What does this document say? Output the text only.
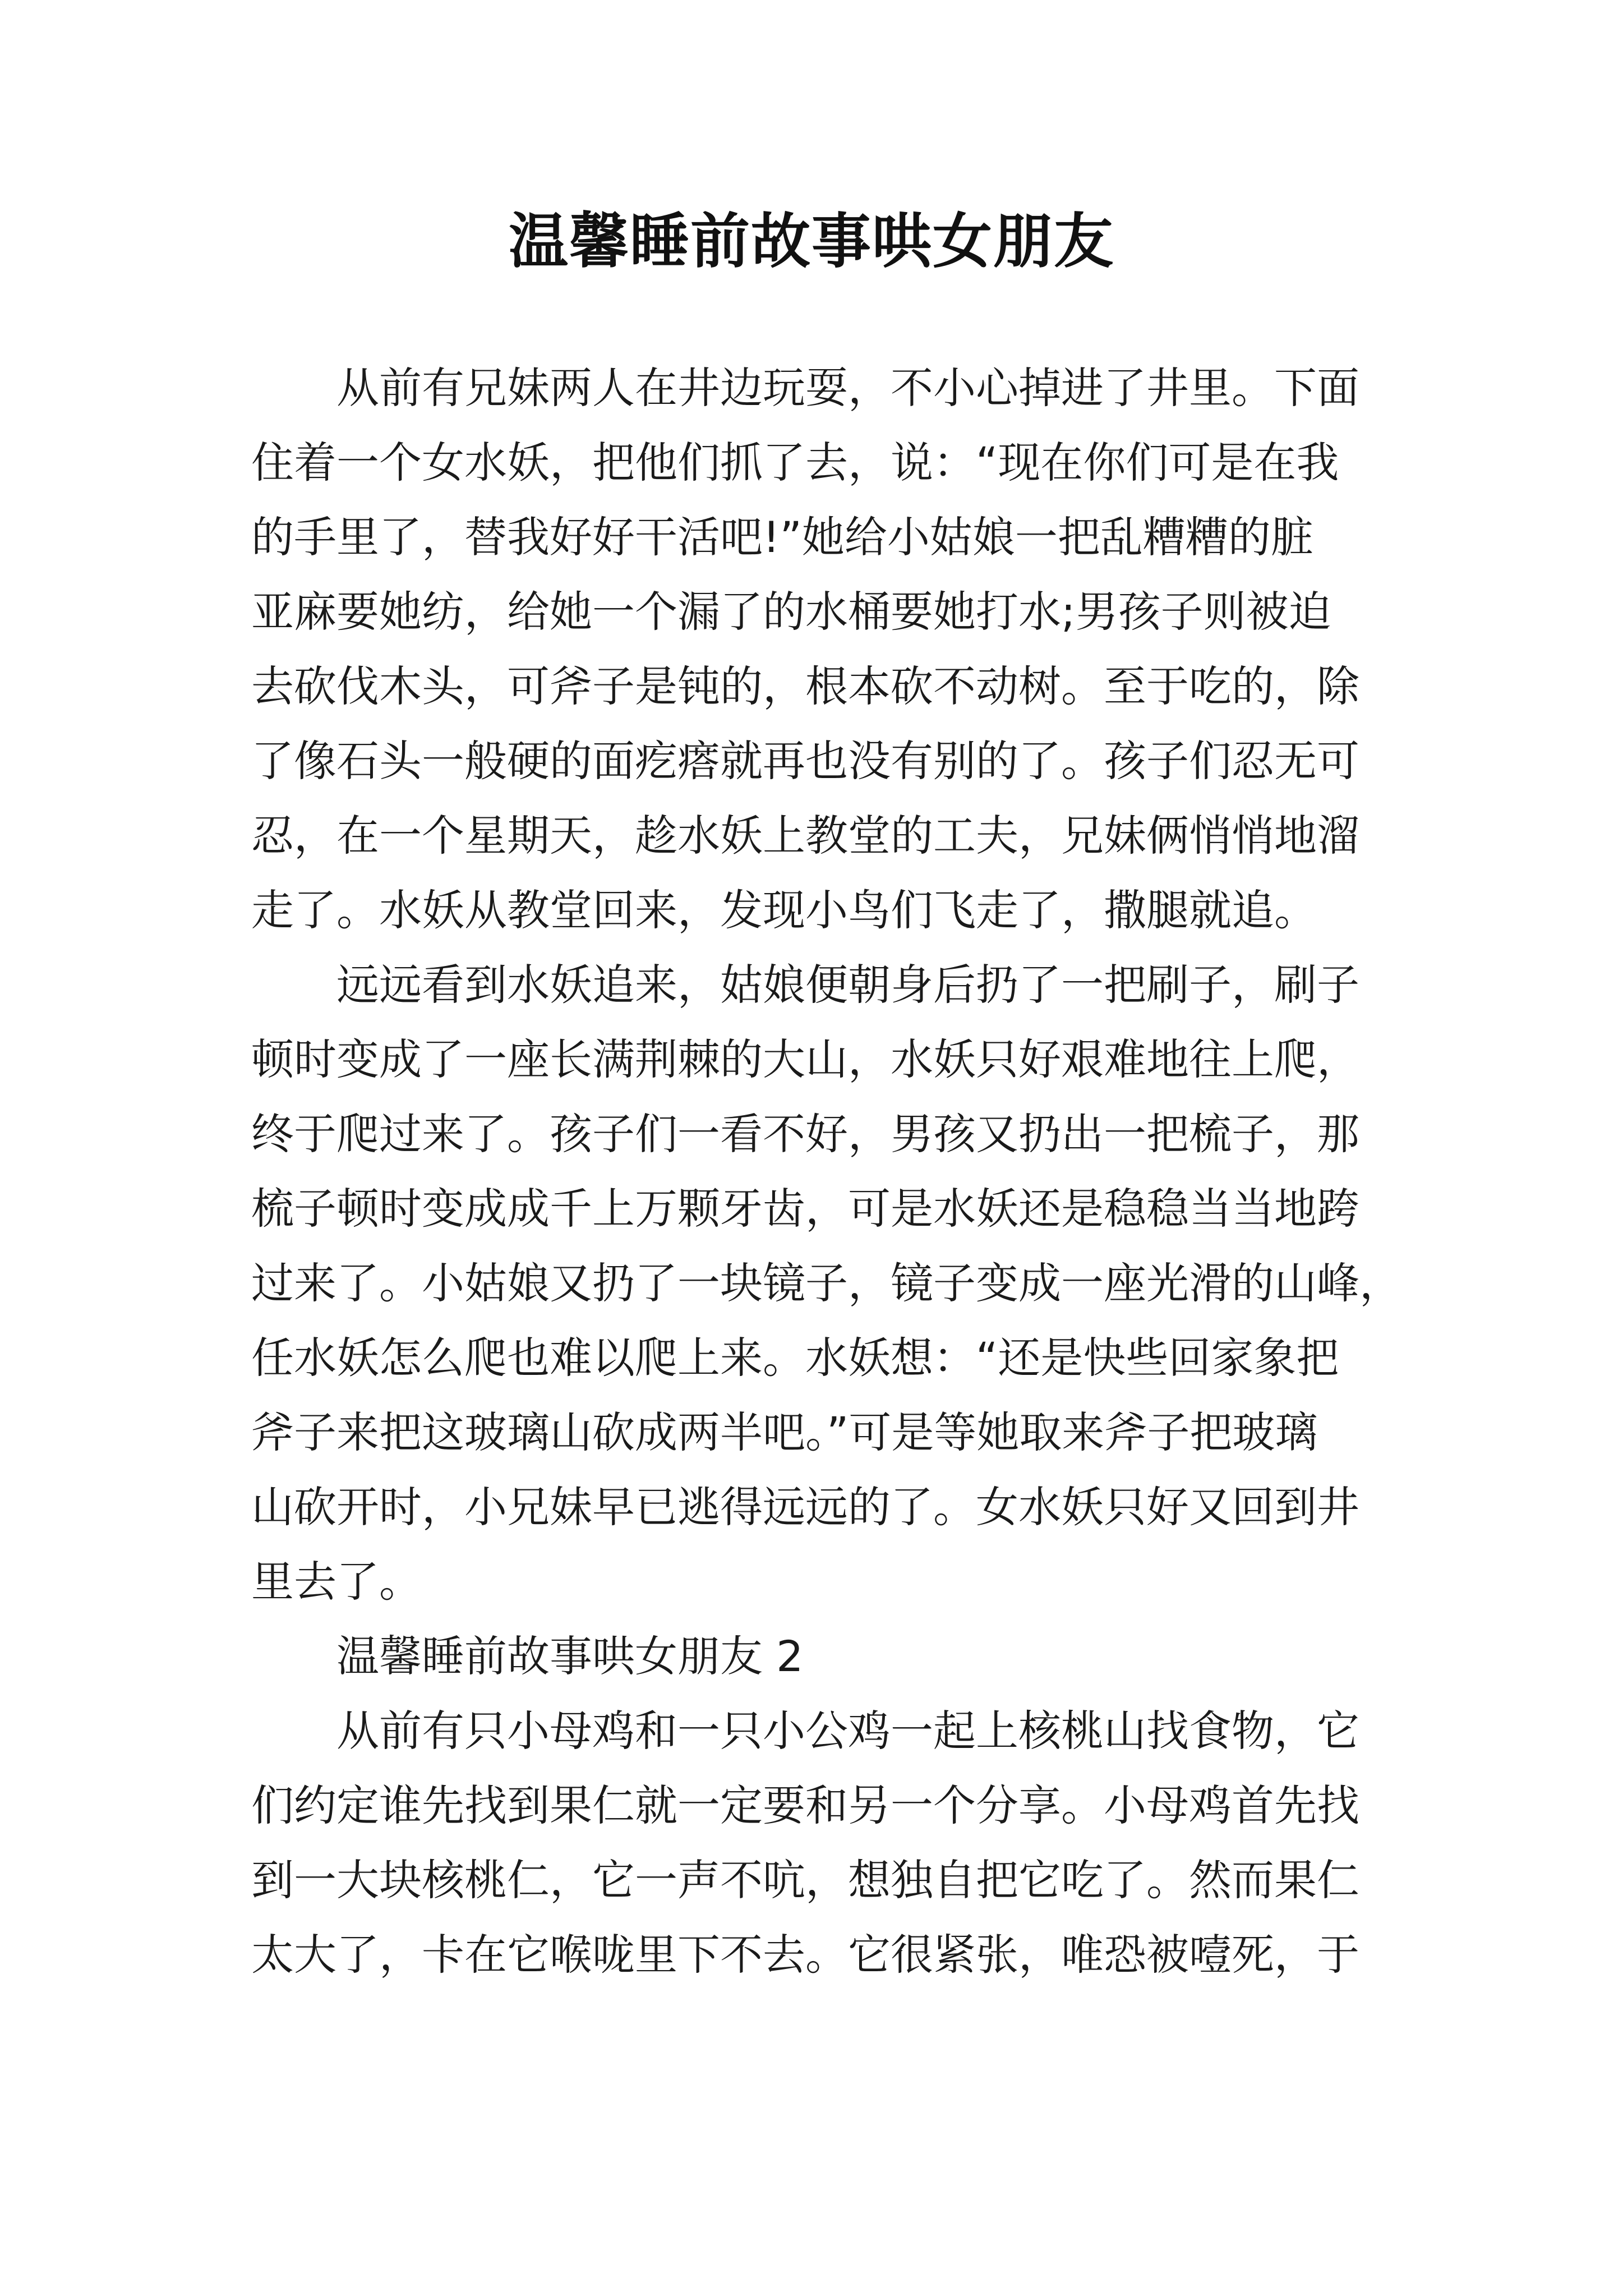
温馨睡前故事哄女朋友

从前有兄妹两人在井边玩耍，不小心掉进了井里。下面
住着一个女水妖，把他们抓了去，说：“现在你们可是在我
的手里了，替我好好干活吧!”她给小姑娘一把乱糟糟的脏
亚麻要她纺，给她一个漏了的水桶要她打水;男孩子则被迫
去砍伐木头，可斧子是钝的，根本砍不动树。至于吃的，除
了像石头一般硬的面疙瘩就再也没有别的了。孩子们忍无可
忍，在一个星期天，趁水妖上教堂的工夫，兄妹俩悄悄地溜
走了。水妖从教堂回来，发现小鸟们飞走了，撒腿就追。

远远看到水妖追来，姑娘便朝身后扔了一把刷子，刷子
顿时变成了一座长满荆棘的大山，水妖只好艰难地往上爬，
终于爬过来了。孩子们一看不好，男孩又扔出一把梳子，那
梳子顿时变成成千上万颗牙齿，可是水妖还是稳稳当当地跨
过来了。小姑娘又扔了一块镜子，镜子变成一座光滑的山峰，
任水妖怎么爬也难以爬上来。水妖想：“还是快些回家象把
斧子来把这玻璃山砍成两半吧。”可是等她取来斧子把玻璃
山砍开时，小兄妹早已逃得远远的了。女水妖只好又回到井
里去了。

温馨睡前故事哄女朋友 2

从前有只小母鸡和一只小公鸡一起上核桃山找食物，它
们约定谁先找到果仁就一定要和另一个分享。小母鸡首先找
到一大块核桃仁，它一声不吭，想独自把它吃了。然而果仁
太大了，卡在它喉咙里下不去。它很紧张，唯恐被噎死，于
